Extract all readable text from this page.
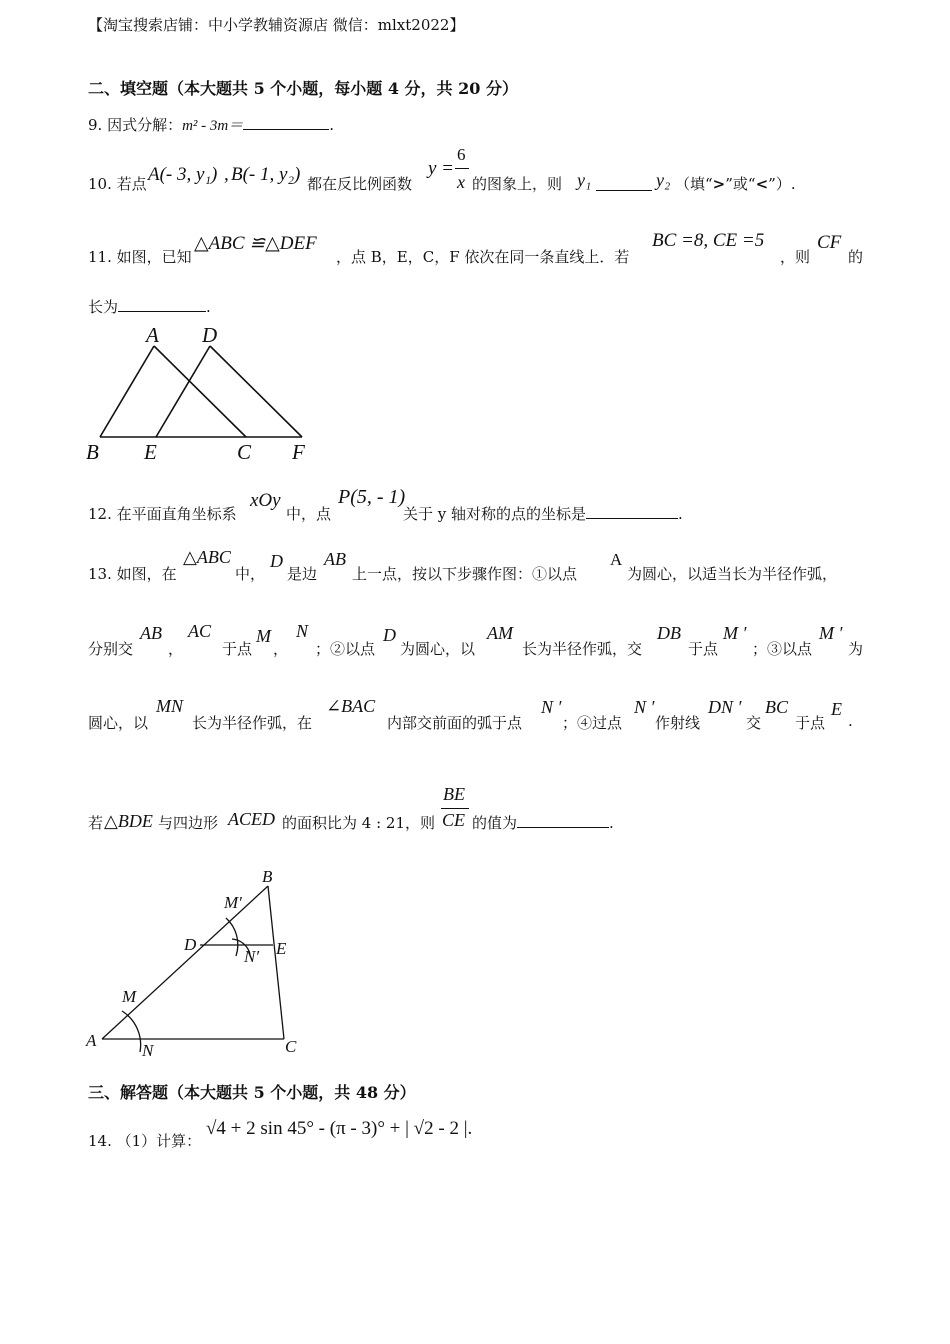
【淘宝搜索店铺：中小学教辅资源店 微信：mlxt2022】
二、填空题（本大题共 5 个小题，每小题 4 分，共 20 分）
9. 因式分解：m² - 3m＝	.
10. 若点 A(- 3, y₁) , B(- 1, y₂) 都在反比例函数
y =
6
x 的图象上，则 y₁	y₂ （填“>”或“<”）.
11. 如图，已知
△ABC ≌△DEF
，点 B，E，C，F 依次在同一条直线上．若
BC =8, CE =5
，则
CF
的
长为	.
A D
B E	C F
12. 在平面直角坐标系
xOy
中，点
P(5, - 1)
关于 y 轴对称的点的坐标是	.
13. 如图，在
△ABC
中，
D
是边
AB
上一点，按以下步骤作图：①以点
A
为圆心，以适当长为半径作弧，
分别交
AB
，
AC
于点
M
，
N
；②以点
D
为圆心，以
AM
长为半径作弧，交
DB
于点
M ′
；③以点
M ′
为
圆心，以
MN
长为半径作弧，在
∠BAC
内部交前面的弧于点
N ′
；④过点
N ′
作射线
DN ′
交
BC
于点
E
.
若 △BDE 与四边形 ACED 的面积比为 4 : 21，则
BE
CE 的值为	.
B
M′
D
N′ E
M
A
N	C
三、解答题（本大题共 5 个小题，共 48 分）
14. （1）计算：
√4 + 2 sin 45° - (π - 3)° + | √2 - 2 |.
